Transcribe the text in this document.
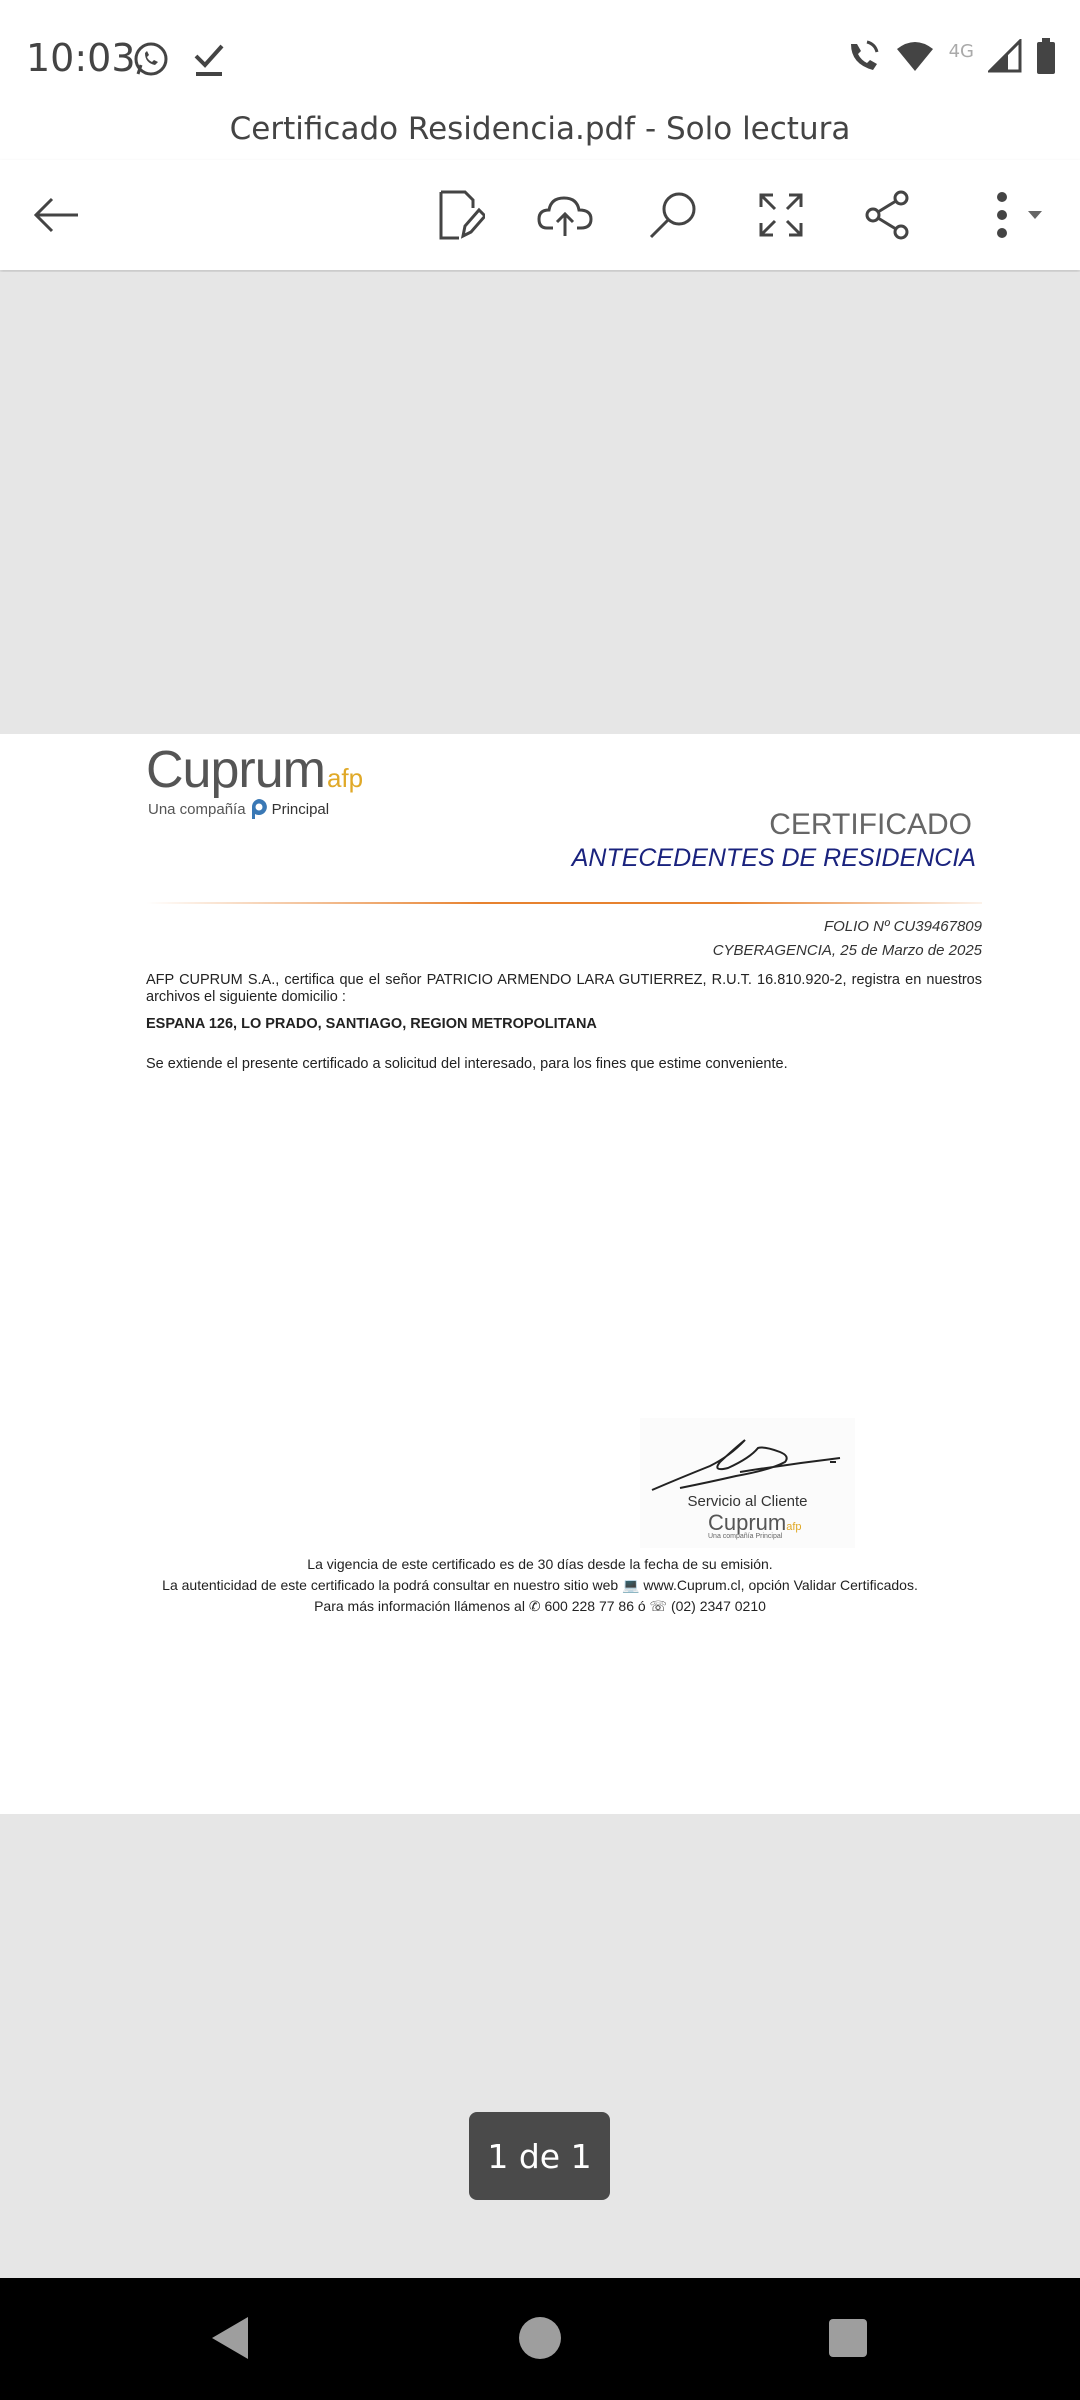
10:03	4G
Certificado Residencia.pdf - Solo lectura
Cuprumafp
Una compañía Principal	CERTIFICADO
ANTECEDENTES DE RESIDENCIA
FOLIO Nº CU39467809
CYBERAGENCIA, 25 de Marzo de 2025
AFP CUPRUM S.A., certifica que el señor PATRICIO ARMENDO LARA GUTIERREZ, R.U.T. 16.810.920-2, registra en nuestros archivos el siguiente domicilio :
ESPANA 126, LO PRADO, SANTIAGO, REGION METROPOLITANA
Se extiende el presente certificado a solicitud del interesado, para los fines que estime conveniente.
Servicio al Cliente
Cuprumafp
Una compañía Principal
La vigencia de este certificado es de 30 días desde la fecha de su emisión.
La autenticidad de este certificado la podrá consultar en nuestro sitio web 💻 www.Cuprum.cl, opción Validar Certificados.
Para más información llámenos al ✆ 600 228 77 86 ó ☏ (02) 2347 0210
1 de 1
